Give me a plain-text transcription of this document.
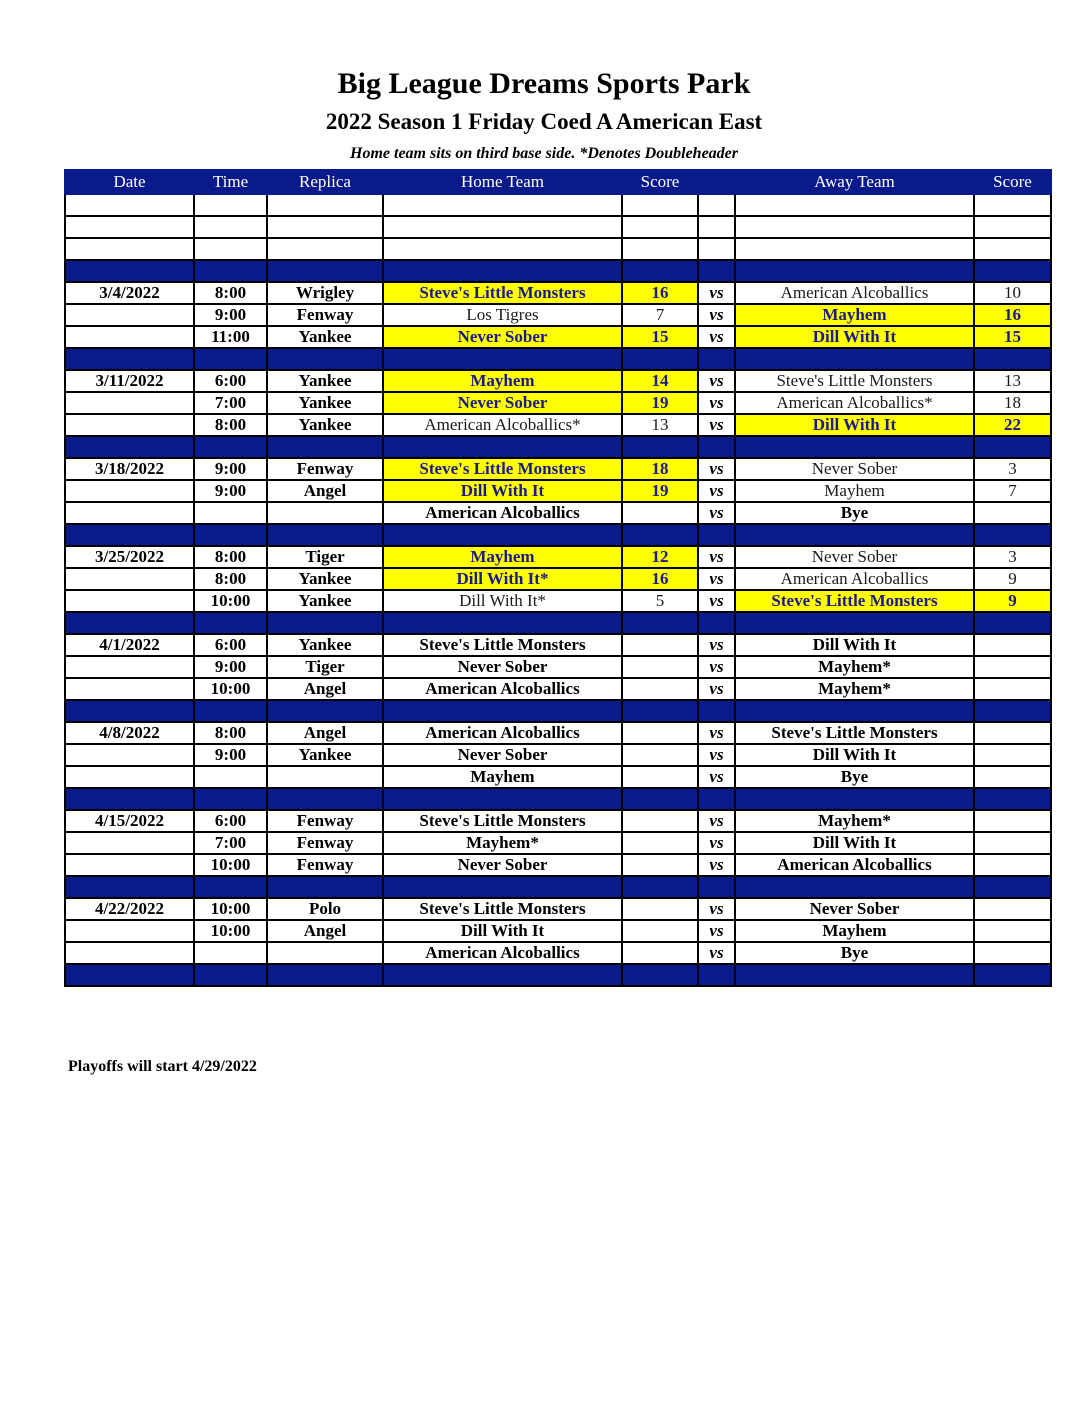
Big League Dreams Sports Park
2022 Season 1 Friday Coed A American East
Home team sits on third base side. *Denotes Doubleheader
Date	Time	Replica	Home Team	Score		Away Team	Score

3/4/2022	8:00	Wrigley	Steve's Little Monsters	16	vs	American Alcoballics	10
	9:00	Fenway	Los Tigres	7	vs	Mayhem	16
	11:00	Yankee	Never Sober	15	vs	Dill With It	15

3/11/2022	6:00	Yankee	Mayhem	14	vs	Steve's Little Monsters	13
	7:00	Yankee	Never Sober	19	vs	American Alcoballics*	18
	8:00	Yankee	American Alcoballics*	13	vs	Dill With It	22

3/18/2022	9:00	Fenway	Steve's Little Monsters	18	vs	Never Sober	3
	9:00	Angel	Dill With It	19	vs	Mayhem	7
			American Alcoballics		vs	Bye	

3/25/2022	8:00	Tiger	Mayhem	12	vs	Never Sober	3
	8:00	Yankee	Dill With It*	16	vs	American Alcoballics	9
	10:00	Yankee	Dill With It*	5	vs	Steve's Little Monsters	9

4/1/2022	6:00	Yankee	Steve's Little Monsters		vs	Dill With It	
	9:00	Tiger	Never Sober		vs	Mayhem*	
	10:00	Angel	American Alcoballics		vs	Mayhem*	

4/8/2022	8:00	Angel	American Alcoballics		vs	Steve's Little Monsters	
	9:00	Yankee	Never Sober		vs	Dill With It	
			Mayhem		vs	Bye	

4/15/2022	6:00	Fenway	Steve's Little Monsters		vs	Mayhem*	
	7:00	Fenway	Mayhem*		vs	Dill With It	
	10:00	Fenway	Never Sober		vs	American Alcoballics	

4/22/2022	10:00	Polo	Steve's Little Monsters		vs	Never Sober	
	10:00	Angel	Dill With It		vs	Mayhem	
			American Alcoballics		vs	Bye	

Playoffs will start 4/29/2022
